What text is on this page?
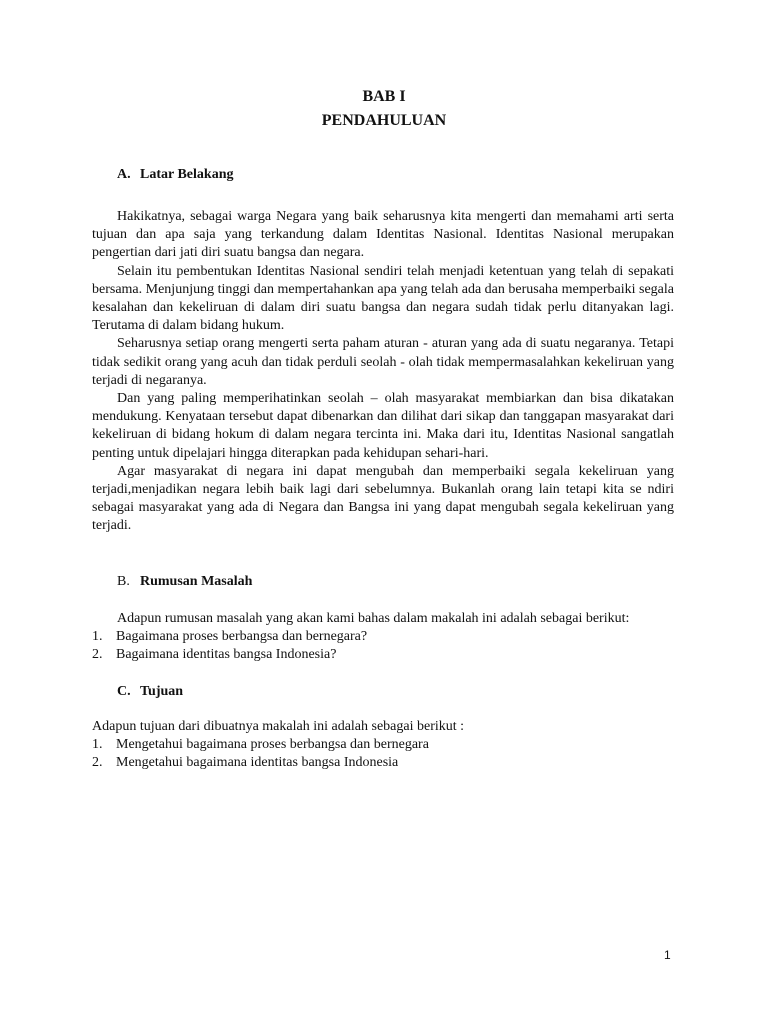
BAB I
PENDAHULUAN
A. Latar Belakang

Hakikatnya, sebagai warga Negara yang baik seharusnya kita mengerti dan memahami arti serta tujuan dan apa saja yang terkandung dalam Identitas Nasional. Identitas Nasional merupakan pengertian dari jati diri suatu bangsa dan negara.

Selain itu pembentukan Identitas Nasional sendiri telah menjadi ketentuan yang telah di sepakati bersama. Menjunjung tinggi dan mempertahankan apa yang telah ada dan berusaha memperbaiki segala kesalahan dan kekeliruan di dalam diri suatu bangsa dan negara sudah tidak perlu ditanyakan lagi. Terutama di dalam bidang hukum.

Seharusnya setiap orang mengerti serta paham aturan - aturan yang ada di suatu negaranya. Tetapi tidak sedikit orang yang acuh dan tidak perduli seolah - olah tidak mempermasalahkan kekeliruan yang terjadi di negaranya.

Dan yang paling memperihatinkan seolah – olah masyarakat membiarkan dan bisa dikatakan mendukung. Kenyataan tersebut dapat dibenarkan dan dilihat dari sikap dan tanggapan masyarakat dari kekeliruan di bidang hokum di dalam negara tercinta ini. Maka dari itu, Identitas Nasional sangatlah penting untuk dipelajari hingga diterapkan pada kehidupan sehari-hari.

Agar masyarakat di negara ini dapat mengubah dan memperbaiki segala kekeliruan yang terjadi,menjadikan negara lebih baik lagi dari sebelumnya. Bukanlah orang lain tetapi kita se ndiri sebagai masyarakat yang ada di Negara dan Bangsa ini yang dapat mengubah segala kekeliruan yang terjadi.

B. Rumusan Masalah
Adapun rumusan masalah yang akan kami bahas dalam makalah ini adalah sebagai berikut:
1. Bagaimana proses berbangsa dan bernegara?
2. Bagaimana identitas bangsa Indonesia?
C. Tujuan
Adapun tujuan dari dibuatnya makalah ini adalah sebagai berikut :
1. Mengetahui bagaimana proses berbangsa dan bernegara
2. Mengetahui bagaimana identitas bangsa Indonesia
1
